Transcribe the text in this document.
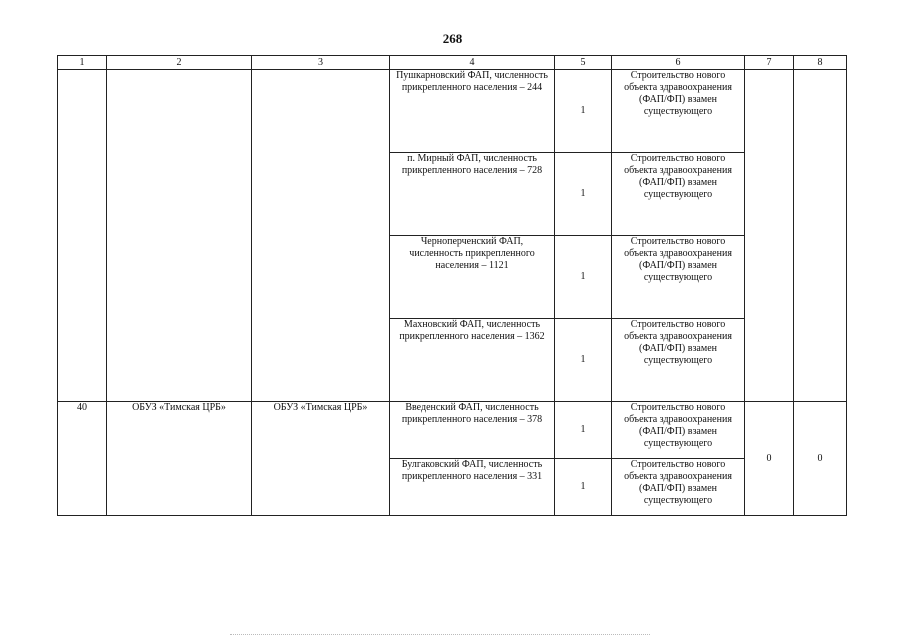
268
1	2	3	4	5	6	7	8
			Пушкарновский ФАП, численность прикрепленного населения – 244	1	Строительство нового объекта здравоохранения (ФАП/ФП) взамен существующего		
			п. Мирный ФАП, численность прикрепленного населения – 728	1	Строительство нового объекта здравоохранения (ФАП/ФП) взамен существующего		
			Черноперченский ФАП, численность прикрепленного населения – 1121	1	Строительство нового объекта здравоохранения (ФАП/ФП) взамен существующего		
			Махновский ФАП, численность прикрепленного населения – 1362	1	Строительство нового объекта здравоохранения (ФАП/ФП) взамен существующего		
40	ОБУЗ «Тимская ЦРБ»	ОБУЗ «Тимская ЦРБ»	Введенский ФАП, численность прикрепленного населения – 378	1	Строительство нового объекта здравоохранения (ФАП/ФП) взамен существующего	0	0
			Булгаковский ФАП, численность прикрепленного населения – 331	1	Строительство нового объекта здравоохранения (ФАП/ФП) взамен существующего		
